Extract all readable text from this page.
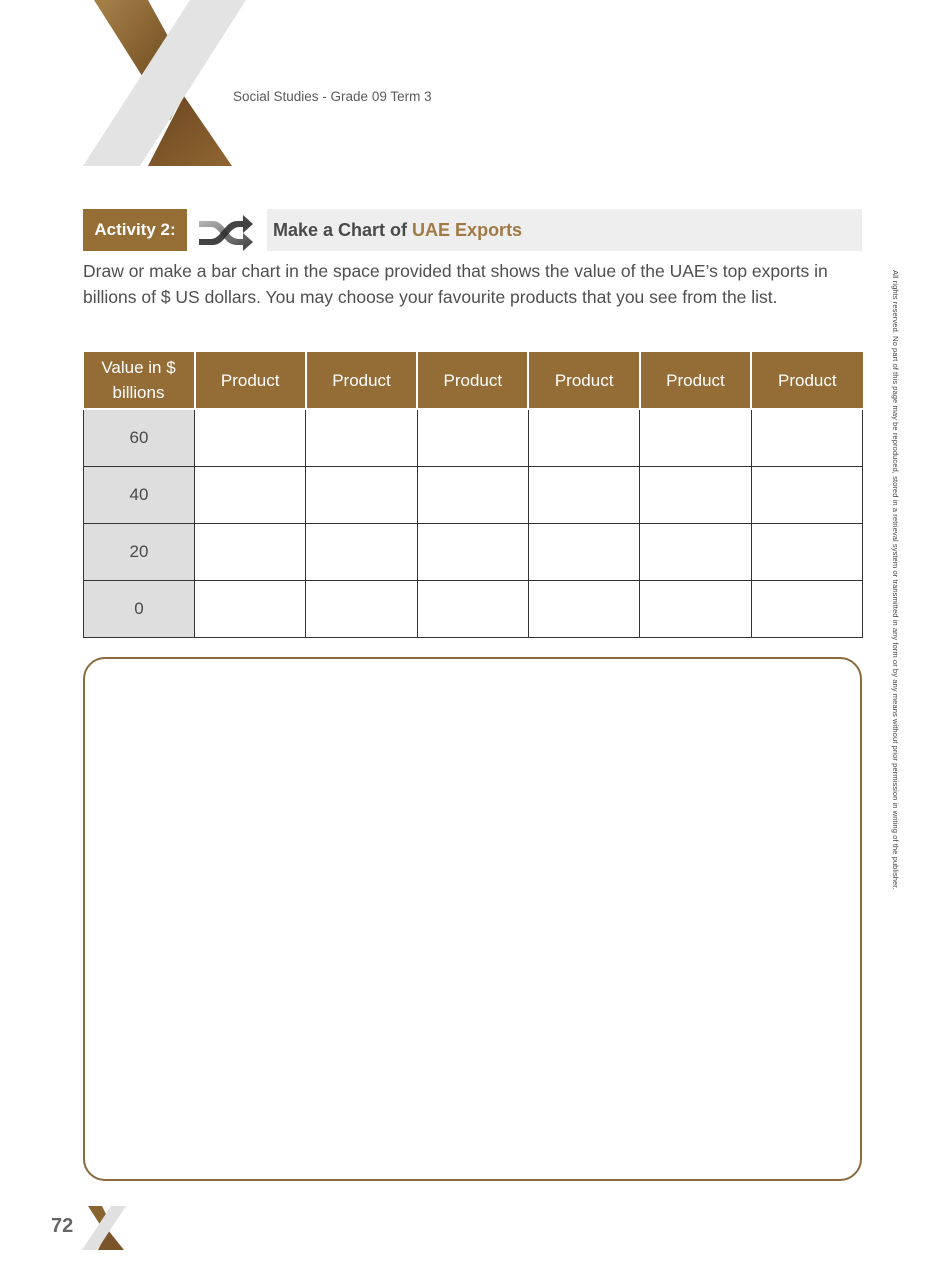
Social Studies - Grade 09 Term 3
Activity 2:	Make a Chart of UAE Exports
Draw or make a bar chart in the space provided that shows the value of the UAE’s top exports in billions of $ US dollars. You may choose your favourite products that you see from the list.
Value in $ billions	Product	Product	Product	Product	Product	Product
60						
40						
20						
0							All rights reserved. No part of this page may be reproduced, stored in a retrieval system or transmitted in any form or by any means without prior permission in writing of the publisher.
72
